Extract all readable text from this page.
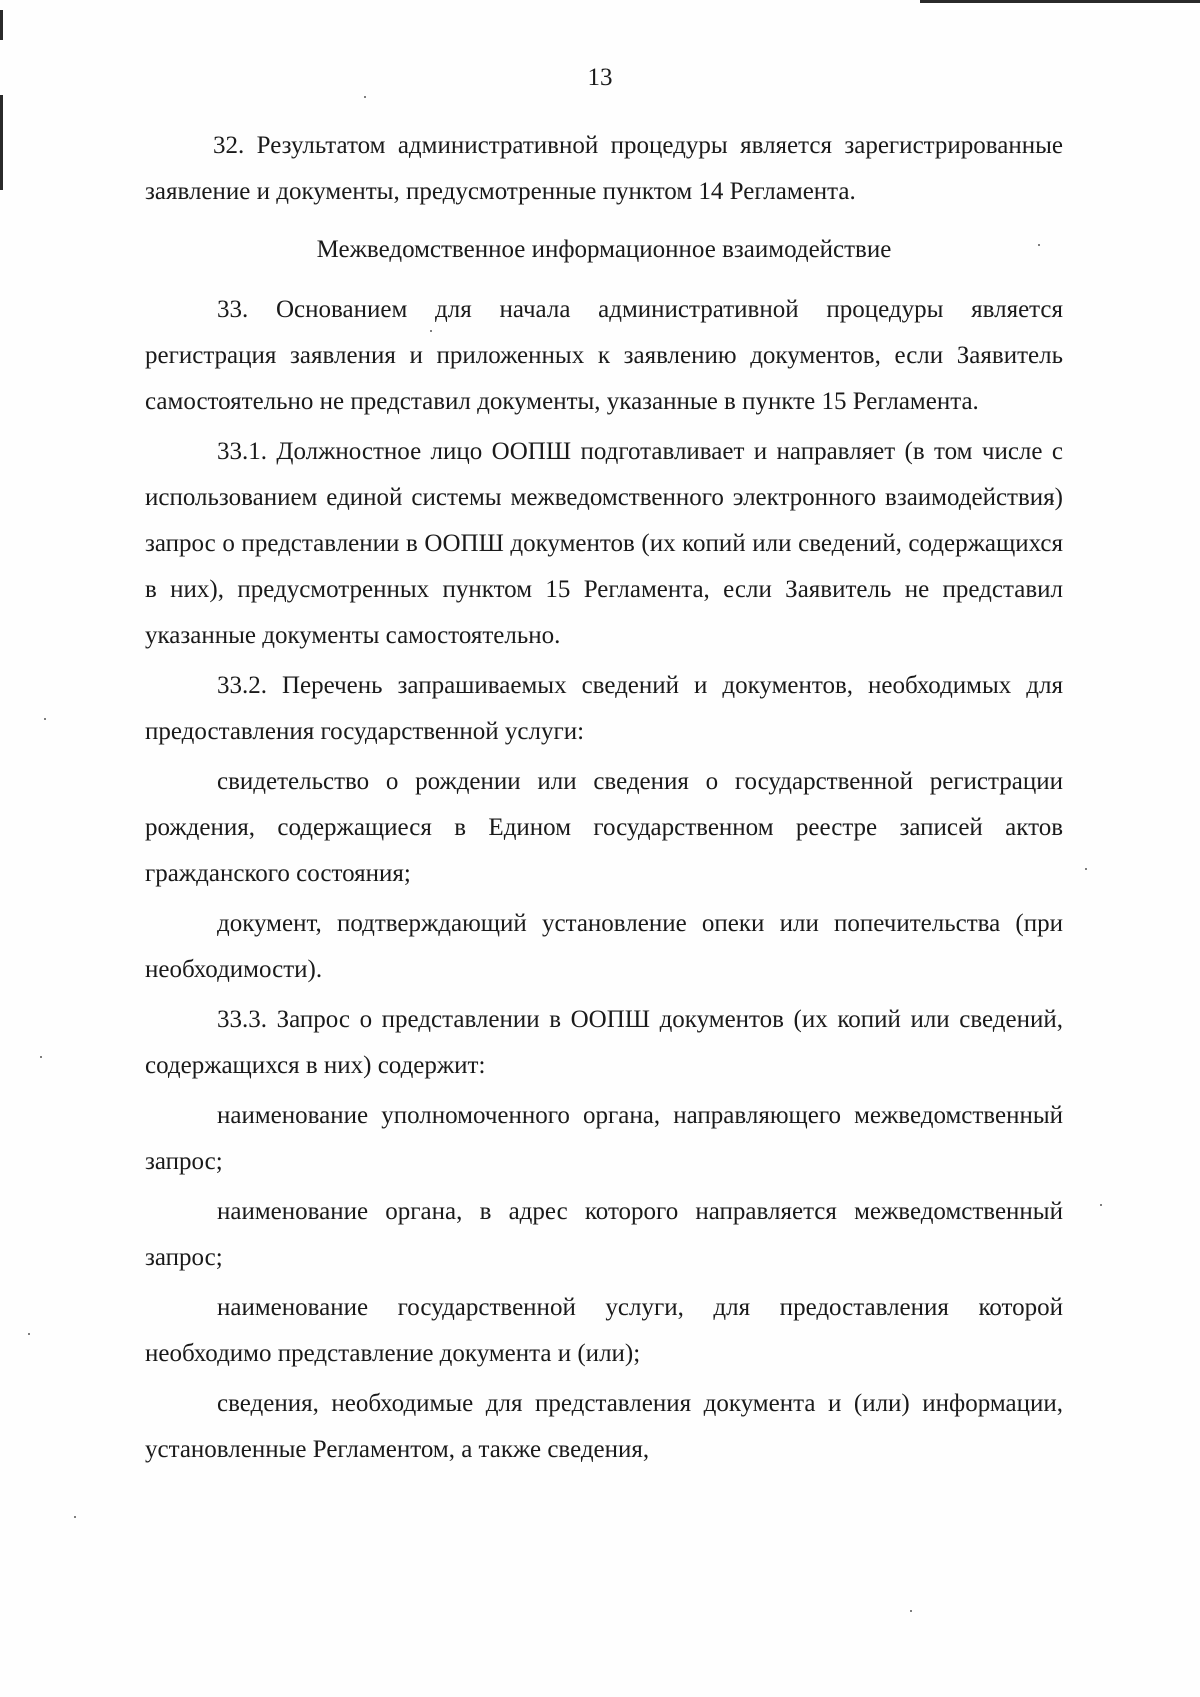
13

32. Результатом административной процедуры является зарегистрированные заявление и документы, предусмотренные пунктом 14 Регламента.

Межведомственное информационное взаимодействие

33. Основанием для начала административной процедуры является регистрация заявления и приложенных к заявлению документов, если Заявитель самостоятельно не представил документы, указанные в пункте 15 Регламента.

33.1. Должностное лицо ООПШ подготавливает и направляет (в том числе с использованием единой системы межведомственного электронного взаимодействия) запрос о представлении в ООПШ документов (их копий или сведений, содержащихся в них), предусмотренных пунктом 15 Регламента, если Заявитель не представил указанные документы самостоятельно.

33.2. Перечень запрашиваемых сведений и документов, необходимых для предоставления государственной услуги:

свидетельство о рождении или сведения о государственной регистрации рождения, содержащиеся в Едином государственном реестре записей актов гражданского состояния;

документ, подтверждающий установление опеки или попечительства (при необходимости).

33.3. Запрос о представлении в ООПШ документов (их копий или сведений, содержащихся в них) содержит:

наименование уполномоченного органа, направляющего межведомственный запрос;

наименование органа, в адрес которого направляется межведомственный запрос;

наименование государственной услуги, для предоставления которой необходимо представление документа и (или);

сведения, необходимые для представления документа и (или) информации, установленные Регламентом, а также сведения,
